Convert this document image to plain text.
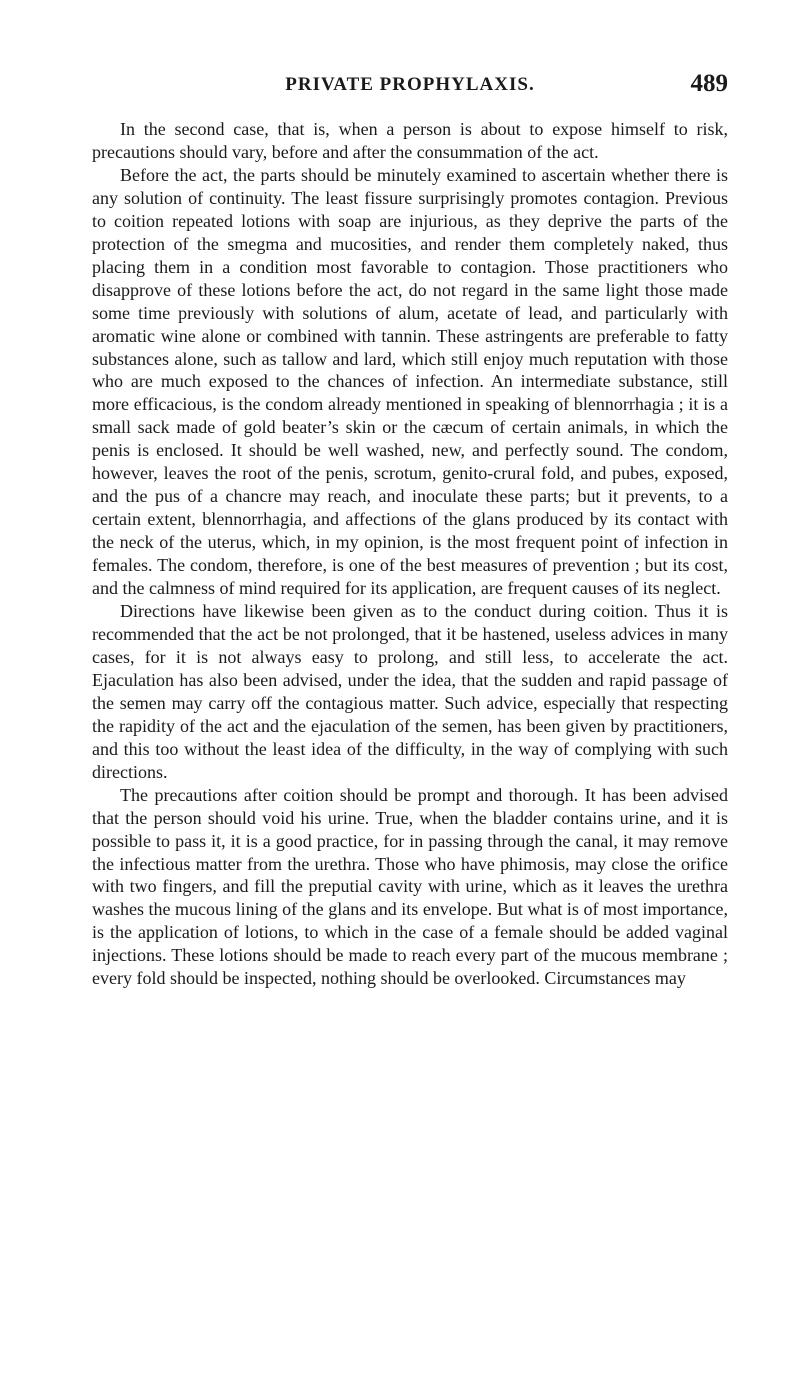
PRIVATE PROPHYLAXIS.	489

In the second case, that is, when a person is about to expose himself to risk, precautions should vary, before and after the consummation of the act.

Before the act, the parts should be minutely examined to ascertain whether there is any solution of continuity. The least fissure surprisingly promotes contagion. Previous to coition repeated lotions with soap are injurious, as they deprive the parts of the protection of the smegma and mucosities, and render them completely naked, thus placing them in a condition most favorable to contagion. Those practitioners who disapprove of these lotions before the act, do not regard in the same light those made some time previously with solutions of alum, acetate of lead, and particularly with aromatic wine alone or combined with tannin. These astringents are preferable to fatty substances alone, such as tallow and lard, which still enjoy much reputation with those who are much exposed to the chances of infection. An intermediate substance, still more efficacious, is the condom already mentioned in speaking of blennorrhagia ; it is a small sack made of gold beater’s skin or the cæcum of certain animals, in which the penis is enclosed. It should be well washed, new, and perfectly sound. The condom, however, leaves the root of the penis, scrotum, genito-crural fold, and pubes, exposed, and the pus of a chancre may reach, and inoculate these parts; but it prevents, to a certain extent, blennorrhagia, and affections of the glans produced by its contact with the neck of the uterus, which, in my opinion, is the most frequent point of infection in females. The condom, therefore, is one of the best measures of prevention ; but its cost, and the calmness of mind required for its application, are frequent causes of its neglect.

Directions have likewise been given as to the conduct during coition. Thus it is recommended that the act be not prolonged, that it be hastened, useless advices in many cases, for it is not always easy to prolong, and still less, to accelerate the act. Ejaculation has also been advised, under the idea, that the sudden and rapid passage of the semen may carry off the contagious matter. Such advice, especially that respecting the rapidity of the act and the ejaculation of the semen, has been given by practitioners, and this too without the least idea of the difficulty, in the way of complying with such directions.

The precautions after coition should be prompt and thorough. It has been advised that the person should void his urine. True, when the bladder contains urine, and it is possible to pass it, it is a good practice, for in passing through the canal, it may remove the infectious matter from the urethra. Those who have phimosis, may close the orifice with two fingers, and fill the preputial cavity with urine, which as it leaves the urethra washes the mucous lining of the glans and its envelope. But what is of most importance, is the application of lotions, to which in the case of a female should be added vaginal injections. These lotions should be made to reach every part of the mucous membrane ; every fold should be inspected, nothing should be overlooked. Circumstances may
